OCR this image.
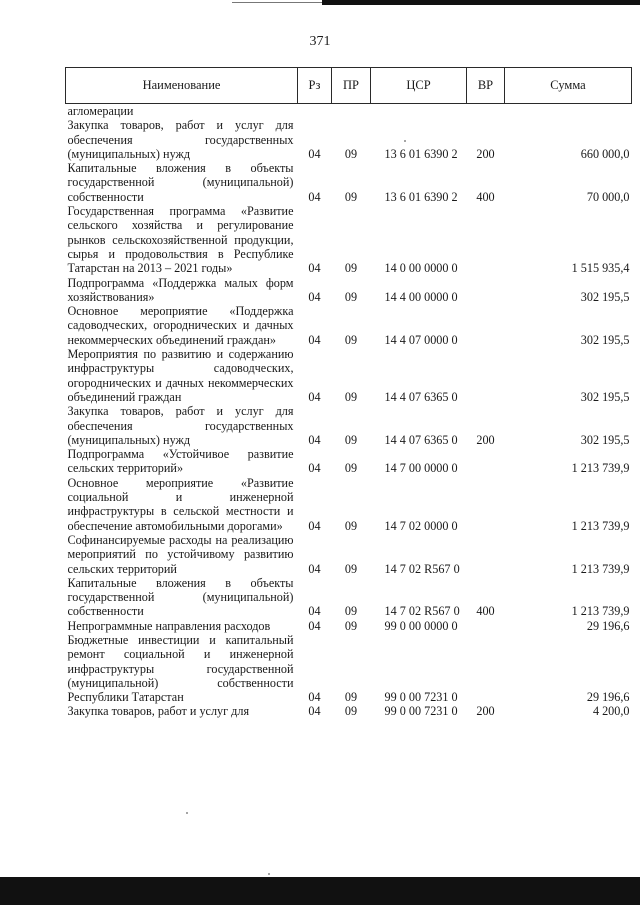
371
Наименование	Рз	ПР	ЦСР	ВР	Сумма
агломерации					
Закупка товаров, работ и услуг для обеспечения государственных (муниципальных) нужд	04	09	13 6 01 6390 2	200	660 000,0
Капитальные вложения в объекты государственной (муниципальной) собственности	04	09	13 6 01 6390 2	400	70 000,0
Государственная программа «Развитие сельского хозяйства и регулирование рынков сельскохозяйственной продукции, сырья и продовольствия в Республике Татарстан на 2013 – 2021 годы»	04	09	14 0 00 0000 0		1 515 935,4
Подпрограмма «Поддержка малых форм хозяйствования»	04	09	14 4 00 0000 0		302 195,5
Основное мероприятие «Поддержка садоводческих, огороднических и дачных некоммерческих объединений граждан»	04	09	14 4 07 0000 0		302 195,5
Мероприятия по развитию и содержанию инфраструктуры садоводческих, огороднических и дачных некоммерческих объединений граждан	04	09	14 4 07 6365 0		302 195,5
Закупка товаров, работ и услуг для обеспечения государственных (муниципальных) нужд	04	09	14 4 07 6365 0	200	302 195,5
Подпрограмма «Устойчивое развитие сельских территорий»	04	09	14 7 00 0000 0		1 213 739,9
Основное мероприятие «Развитие социальной и инженерной инфраструктуры в сельской местности и обеспечение автомобильными дорогами»	04	09	14 7 02 0000 0		1 213 739,9
Софинансируемые расходы на реализацию мероприятий по устойчивому развитию сельских территорий	04	09	14 7 02 R567 0		1 213 739,9
Капитальные вложения в объекты государственной (муниципальной) собственности	04	09	14 7 02 R567 0	400	1 213 739,9
Непрограммные направления расходов	04	09	99 0 00 0000 0		29 196,6
Бюджетные инвестиции и капитальный ремонт социальной и инженерной инфраструктуры государственной (муниципальной) собственности Республики Татарстан	04	09	99 0 00 7231 0		29 196,6
Закупка товаров, работ и услуг для	04	09	99 0 00 7231 0	200	4 200,0
